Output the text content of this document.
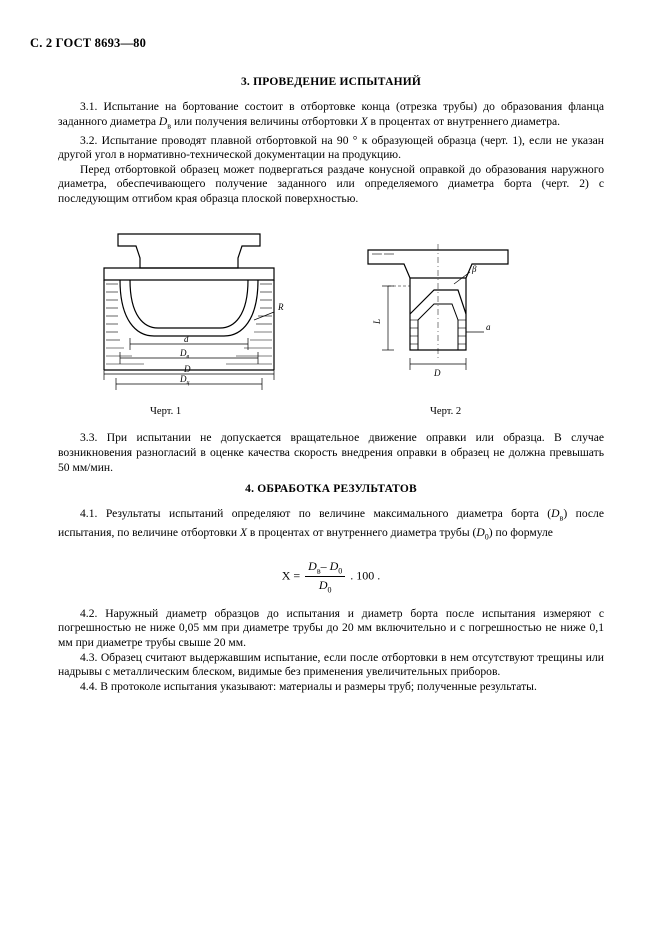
С. 2 ГОСТ 8693—80
3. ПРОВЕДЕНИЕ ИСПЫТАНИЙ

3.1. Испытание на бортование состоит в отбортовке конца (отрезка трубы) до образования фланца заданного диаметра $D_в$ или получения величины отбортовки X в процентах от внутреннего диаметра.

3.2. Испытание проводят плавной отбортовкой на 90 ° к образующей образца (черт. 1), если не указан другой угол в нормативно-технической документации на продукцию.

Перед отбортовкой образец может подвергаться раздаче конусной оправкой до образования наружного диаметра, обеспечивающего получение заданного или определяемого диаметра борта (черт. 2) с последующим отгибом края образца плоской поверхностью.

R
d
$D_в$
D
$D_ц$
β
L
a
D
Черт. 1	Черт. 2

3.3. При испытании не допускается вращательное движение оправки или образца. В случае возникновения разногласий в оценке качества скорость внедрения оправки в образец не должна превышать 50 мм/мин.

4. ОБРАБОТКА РЕЗУЛЬТАТОВ

4.1. Результаты испытаний определяют по величине максимального диаметра борта $(D_в)$ после испытания, по величине отбортовки X в процентах от внутреннего диаметра трубы $(D_0)$ по формуле

$X = \frac{D_в- D_0}{D_0}$ . 100 .

4.2. Наружный диаметр образцов до испытания и диаметр борта после испытания измеряют с погрешностью не ниже 0,05 мм при диаметре трубы до 20 мм включительно и с погрешностью не ниже 0,1 мм при диаметре трубы свыше 20 мм.

4.3. Образец считают выдержавшим испытание, если после отбортовки в нем отсутствуют трещины или надрывы с металлическим блеском, видимые без применения увеличительных приборов.

4.4. В протоколе испытания указывают: материалы и размеры труб; полученные результаты.
